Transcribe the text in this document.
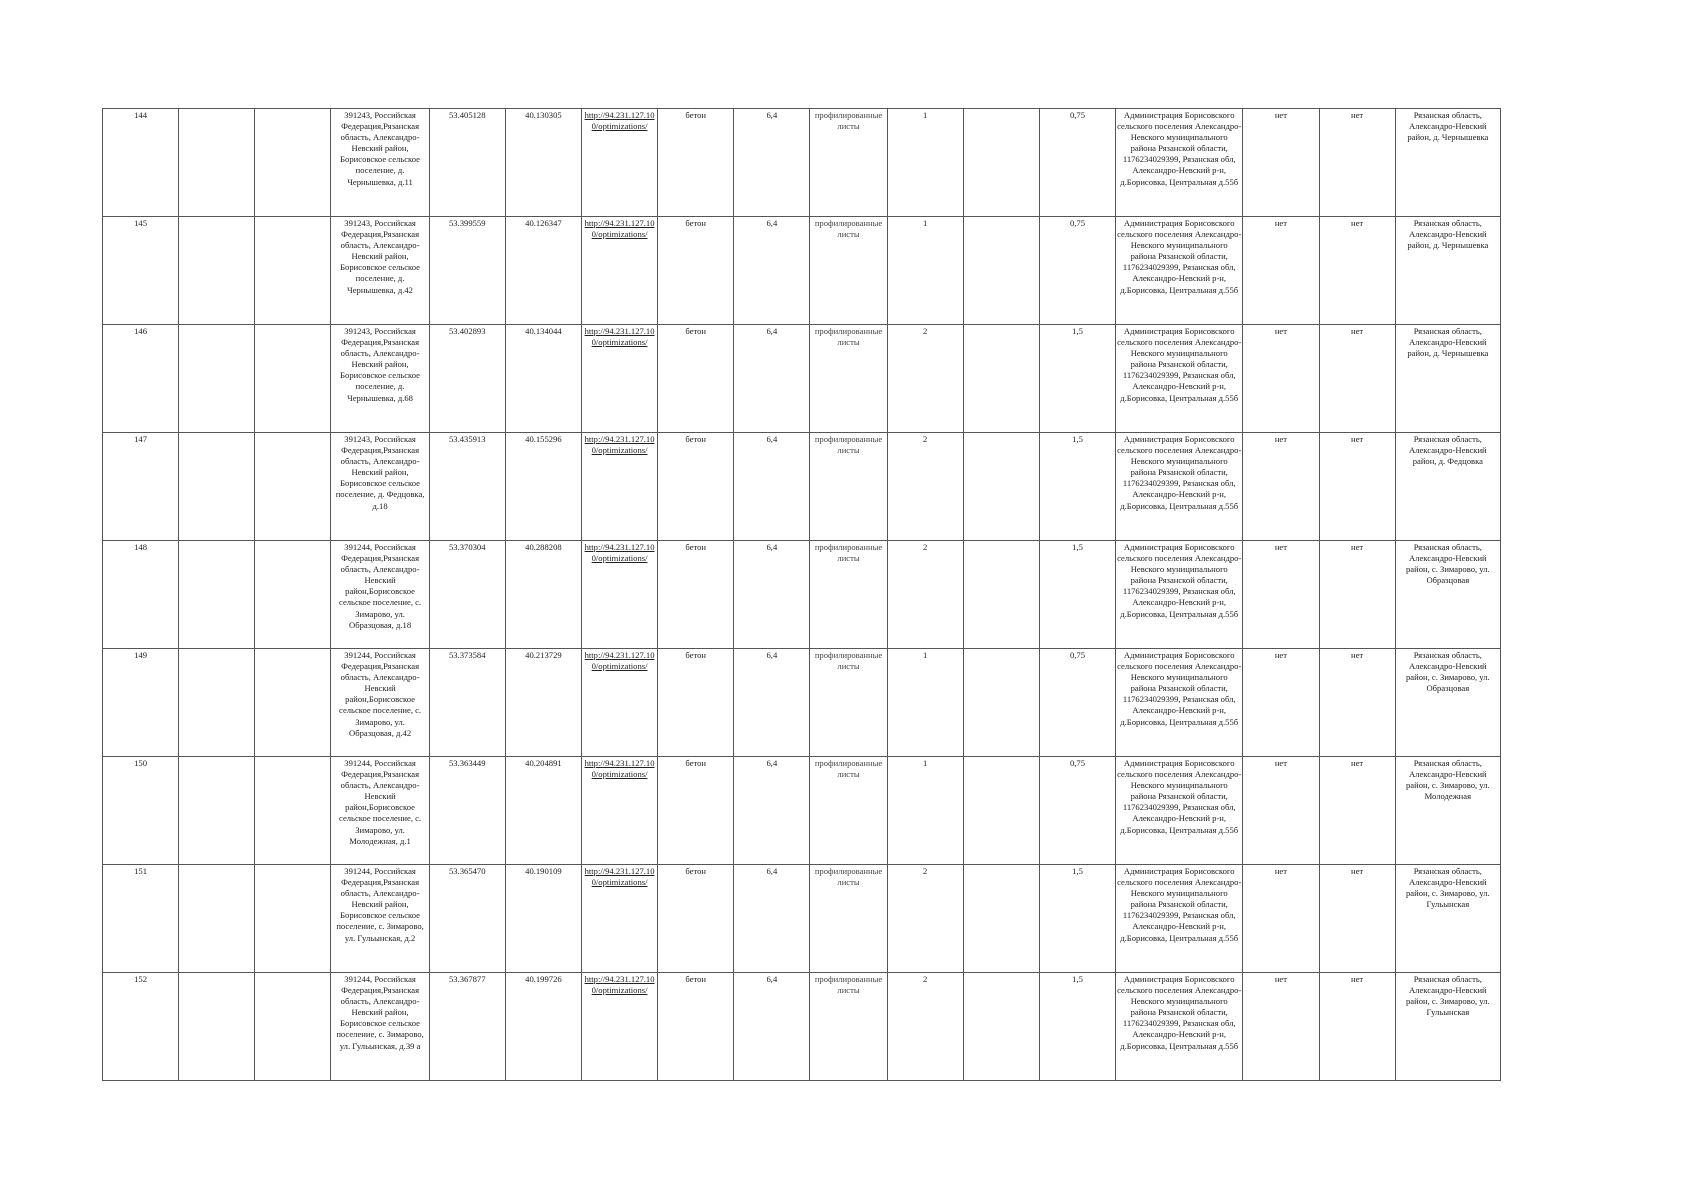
144			391243, Российская Федерация,Рязанская область, Александро-Невский район, Борисовское сельское поселение, д. Чернышевка, д.11	53.405128	40.130305	http://94.231.127.100/optimizations/	бетон	6,4	профилированные листы	1		0,75	Администрация Борисовского сельского поселения Александро-Невского муниципального района Рязанской области, 1176234029399, Рязанская обл, Александро-Невский р-н, д.Борисовка, Центральная д.55б	нет	нет	Рязанская область, Александро-Невский район, д. Чернышевка
145			391243, Российская Федерация,Рязанская область, Александро-Невский район, Борисовское сельское поселение, д. Чернышевка, д.42	53.399559	40.126347	http://94.231.127.100/optimizations/	бетон	6,4	профилированные листы	1		0,75	Администрация Борисовского сельского поселения Александро-Невского муниципального района Рязанской области, 1176234029399, Рязанская обл, Александро-Невский р-н, д.Борисовка, Центральная д.55б	нет	нет	Рязанская область, Александро-Невский район, д. Чернышевка
146			391243, Российская Федерация,Рязанская область, Александро-Невский район, Борисовское сельское поселение, д. Чернышевка, д.68	53.402893	40.134044	http://94.231.127.100/optimizations/	бетон	6,4	профилированные листы	2		1,5	Администрация Борисовского сельского поселения Александро-Невского муниципального района Рязанской области, 1176234029399, Рязанская обл, Александро-Невский р-н, д.Борисовка, Центральная д.55б	нет	нет	Рязанская область, Александро-Невский район, д. Чернышевка
147			391243, Российская Федерация,Рязанская область, Александро-Невский район, Борисовское сельское поселение, д. Федцовка, д.18	53.435913	40.155296	http://94.231.127.100/optimizations/	бетон	6,4	профилированные листы	2		1,5	Администрация Борисовского сельского поселения Александро-Невского муниципального района Рязанской области, 1176234029399, Рязанская обл, Александро-Невский р-н, д.Борисовка, Центральная д.55б	нет	нет	Рязанская область, Александро-Невский район, д. Федцовка
148			391244, Российская Федерация,Рязанская область, Александро-Невский район,Борисовское сельское поселение, с. Зимарово, ул. Образцовая, д.18	53.370304	40.288208	http://94.231.127.100/optimizations/	бетон	6,4	профилированные листы	2		1,5	Администрация Борисовского сельского поселения Александро-Невского муниципального района Рязанской области, 1176234029399, Рязанская обл, Александро-Невский р-н, д.Борисовка, Центральная д.55б	нет	нет	Рязанская область, Александро-Невский район, с. Зимарово, ул. Образцовая
149			391244, Российская Федерация,Рязанская область, Александро-Невский район,Борисовское сельское поселение, с. Зимарово, ул. Образцовая, д.42	53.373584	40.213729	http://94.231.127.100/optimizations/	бетон	6,4	профилированные листы	1		0,75	Администрация Борисовского сельского поселения Александро-Невского муниципального района Рязанской области, 1176234029399, Рязанская обл, Александро-Невский р-н, д.Борисовка, Центральная д.55б	нет	нет	Рязанская область, Александро-Невский район, с. Зимарово, ул. Образцовая
150			391244, Российская Федерация,Рязанская область, Александро-Невский район,Борисовское сельское поселение, с. Зимарово, ул. Молодежная, д.1	53.363449	40.204891	http://94.231.127.100/optimizations/	бетон	6,4	профилированные листы	1		0,75	Администрация Борисовского сельского поселения Александро-Невского муниципального района Рязанской области, 1176234029399, Рязанская обл, Александро-Невский р-н, д.Борисовка, Центральная д.55б	нет	нет	Рязанская область, Александро-Невский район, с. Зимарово, ул. Молодежная
151			391244, Российская Федерация,Рязанская область, Александро-Невский район, Борисовское сельское поселение, с. Зимарово, ул. Гульынская, д.2	53.365470	40.190109	http://94.231.127.100/optimizations/	бетон	6,4	профилированные листы	2		1,5	Администрация Борисовского сельского поселения Александро-Невского муниципального района Рязанской области, 1176234029399, Рязанская обл, Александро-Невский р-н, д.Борисовка, Центральная д.55б	нет	нет	Рязанская область, Александро-Невский район, с. Зимарово, ул. Гульынская
152			391244, Российская Федерация,Рязанская область, Александро-Невский район, Борисовское сельское поселение, с. Зимарово, ул. Гульынская, д.39 а	53.367877	40.199726	http://94.231.127.100/optimizations/	бетон	6,4	профилированные листы	2		1,5	Администрация Борисовского сельского поселения Александро-Невского муниципального района Рязанской области, 1176234029399, Рязанская обл, Александро-Невский р-н, д.Борисовка, Центральная д.55б	нет	нет	Рязанская область, Александро-Невский район, с. Зимарово, ул. Гульынская
